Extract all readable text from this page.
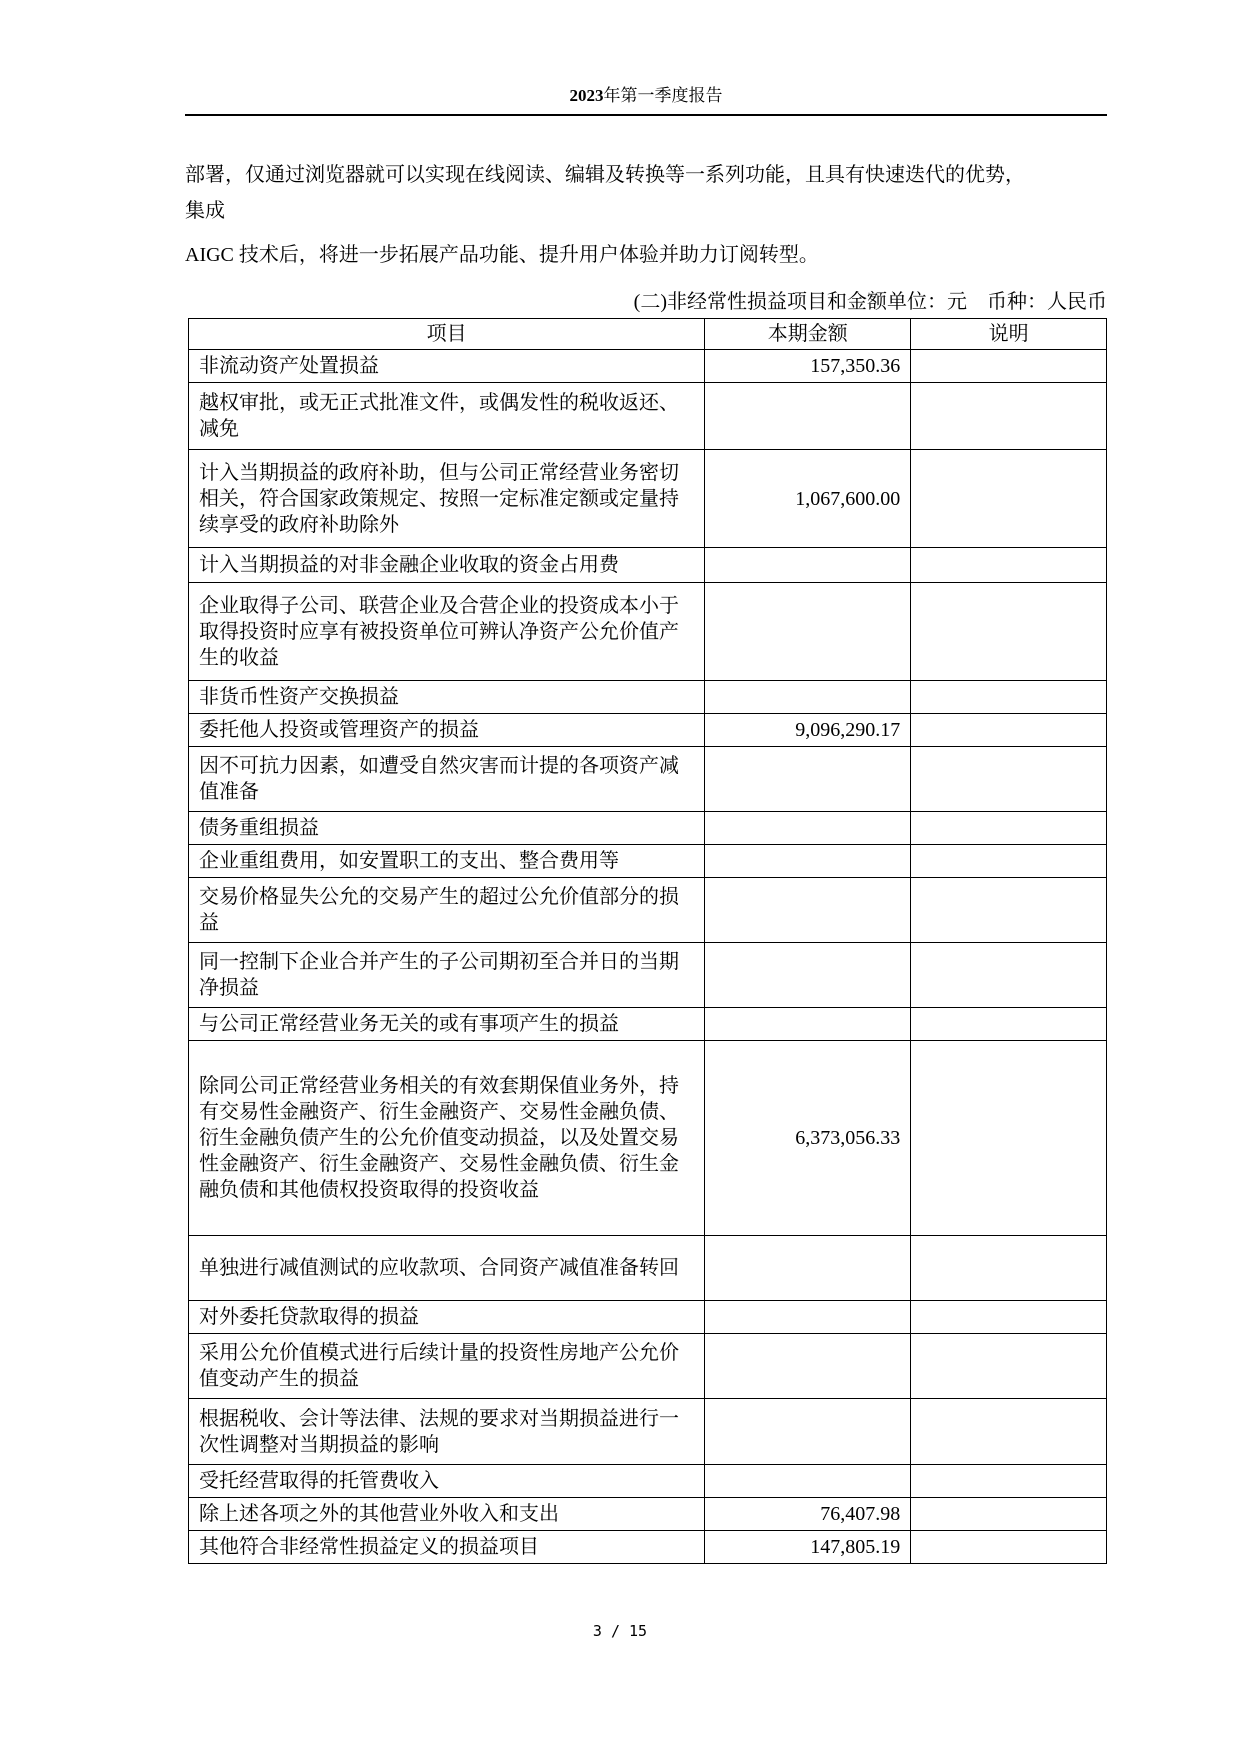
2023年第一季度报告
部署，仅通过浏览器就可以实现在线阅读、编辑及转换等一系列功能，且具有快速迭代的优势，
集成
AIGC 技术后，将进一步拓展产品功能、提升用户体验并助力订阅转型。
(二)非经常性损益项目和金额单位：元　币种：人民币
项目	本期金额	说明
非流动资产处置损益	157,350.36	
越权审批，或无正式批准文件，或偶发性的税收返还、减免		
计入当期损益的政府补助，但与公司正常经营业务密切相关，符合国家政策规定、按照一定标准定额或定量持续享受的政府补助除外	1,067,600.00	
计入当期损益的对非金融企业收取的资金占用费		
企业取得子公司、联营企业及合营企业的投资成本小于取得投资时应享有被投资单位可辨认净资产公允价值产生的收益		
非货币性资产交换损益		
委托他人投资或管理资产的损益	9,096,290.17	
因不可抗力因素，如遭受自然灾害而计提的各项资产减值准备		
债务重组损益		
企业重组费用，如安置职工的支出、整合费用等		
交易价格显失公允的交易产生的超过公允价值部分的损益		
同一控制下企业合并产生的子公司期初至合并日的当期净损益		
与公司正常经营业务无关的或有事项产生的损益		
除同公司正常经营业务相关的有效套期保值业务外，持有交易性金融资产、衍生金融资产、交易性金融负债、衍生金融负债产生的公允价值变动损益，以及处置交易性金融资产、衍生金融资产、交易性金融负债、衍生金融负债和其他债权投资取得的投资收益	6,373,056.33	
单独进行减值测试的应收款项、合同资产减值准备转回		
对外委托贷款取得的损益		
采用公允价值模式进行后续计量的投资性房地产公允价值变动产生的损益		
根据税收、会计等法律、法规的要求对当期损益进行一次性调整对当期损益的影响		
受托经营取得的托管费收入		
除上述各项之外的其他营业外收入和支出	76,407.98	
其他符合非经常性损益定义的损益项目	147,805.19	
3 / 15
